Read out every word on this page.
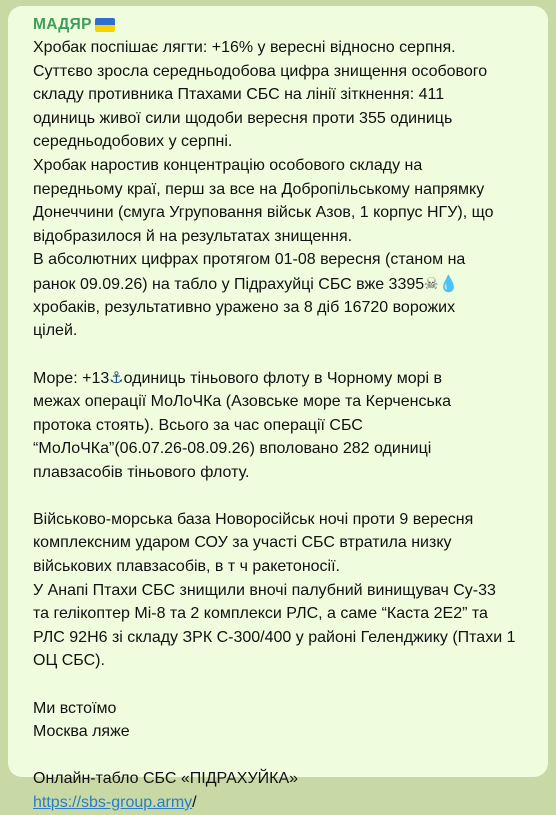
МАДЯР
Хробак поспішає лягти: +16% у вересні відносно серпня.
Суттєво зросла середньодобова цифра знищення особового
складу противника Птахами СБС на лінії зіткнення: 411
одиниць живої сили щодоби вересня проти 355 одиниць
середньодобових у серпні.
Хробак наростив концентрацію особового складу на
передньому краї, перш за все на Добропільському напрямку
Донеччини (смуга Угруповання військ Азов, 1 корпус НГУ), що
відобразилося й на результатах знищення.
В абсолютних цифрах протягом 01-08 вересня (станом на
ранок 09.09.26) на табло у Підрахуйці СБС вже 3395☠💧
хробаків, результативно уражено за 8 діб 16720 ворожих
цілей.
Море: +13⚓одиниць тіньового флоту в Чорному морі в
межах операції МоЛоЧКа (Азовське море та Керченська
протока стоять). Всього за час операції СБС
“МоЛоЧКа”(06.07.26-08.09.26) вполовано 282 одиниці
плавзасобів тіньового флоту.
Військово-морська база Новоросійськ ночі проти 9 вересня
комплексним ударом СОУ за участі СБС втратила низку
військових плавзасобів, в т ч ракетоносії.
У Анапі Птахи СБС знищили вночі палубний винищувач Су-33
та гелікоптер Мі-8 та 2 комплекси РЛС, а саме “Каста 2Е2” та
РЛС 92Н6 зі складу ЗРК С-300/400 у районі Геленджику (Птахи 1
ОЦ СБС).
Ми встоїмо
Москва ляже
Онлайн-табло СБС «ПІДРАХУЙКА»
https://sbs-group.army/
